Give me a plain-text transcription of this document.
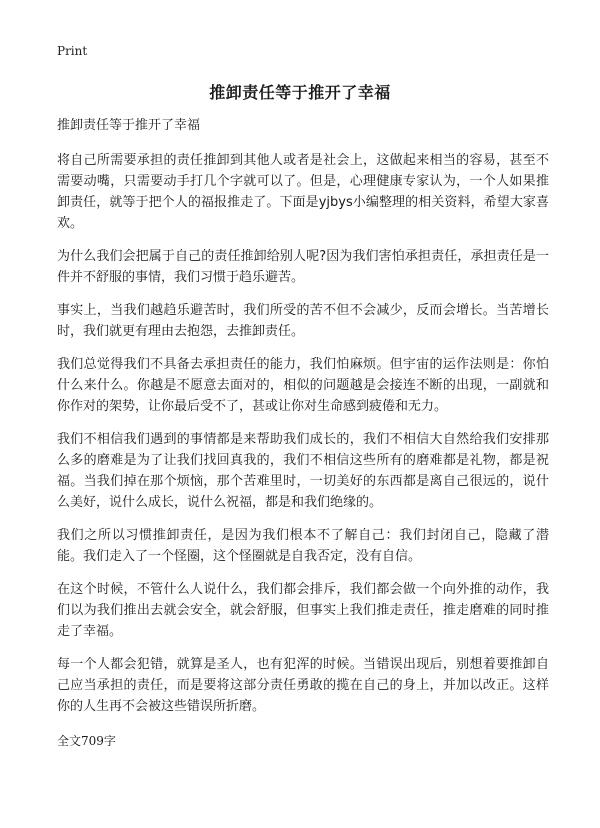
Print
推卸责任等于推开了幸福

推卸责任等于推开了幸福

将自己所需要承担的责任推卸到其他人或者是社会上，这做起来相当的容易，甚至不需要动嘴，只需要动手打几个字就可以了。但是，心理健康专家认为，一个人如果推卸责任，就等于把个人的福报推走了。下面是yjbys小编整理的相关资料，希望大家喜欢。

为什么我们会把属于自己的责任推卸给别人呢?因为我们害怕承担责任，承担责任是一件并不舒服的事情，我们习惯于趋乐避苦。

事实上，当我们越趋乐避苦时，我们所受的苦不但不会减少，反而会增长。当苦增长时，我们就更有理由去抱怨，去推卸责任。

我们总觉得我们不具备去承担责任的能力，我们怕麻烦。但宇宙的运作法则是：你怕什么来什么。你越是不愿意去面对的，相似的问题越是会接连不断的出现，一副就和你作对的架势，让你最后受不了，甚或让你对生命感到疲倦和无力。

我们不相信我们遇到的事情都是来帮助我们成长的，我们不相信大自然给我们安排那么多的磨难是为了让我们找回真我的，我们不相信这些所有的磨难都是礼物，都是祝福。当我们掉在那个烦恼，那个苦难里时，一切美好的东西都是离自己很远的，说什么美好，说什么成长，说什么祝福，都是和我们绝缘的。

我们之所以习惯推卸责任，是因为我们根本不了解自己：我们封闭自己，隐藏了潜能。我们走入了一个怪圈，这个怪圈就是自我否定，没有自信。

在这个时候，不管什么人说什么，我们都会排斥，我们都会做一个向外推的动作，我们以为我们推出去就会安全，就会舒服，但事实上我们推走责任，推走磨难的同时推走了幸福。

每一个人都会犯错，就算是圣人，也有犯浑的时候。当错误出现后，别想着要推卸自己应当承担的责任，而是要将这部分责任勇敢的揽在自己的身上，并加以改正。这样你的人生再不会被这些错误所折磨。

全文709字
